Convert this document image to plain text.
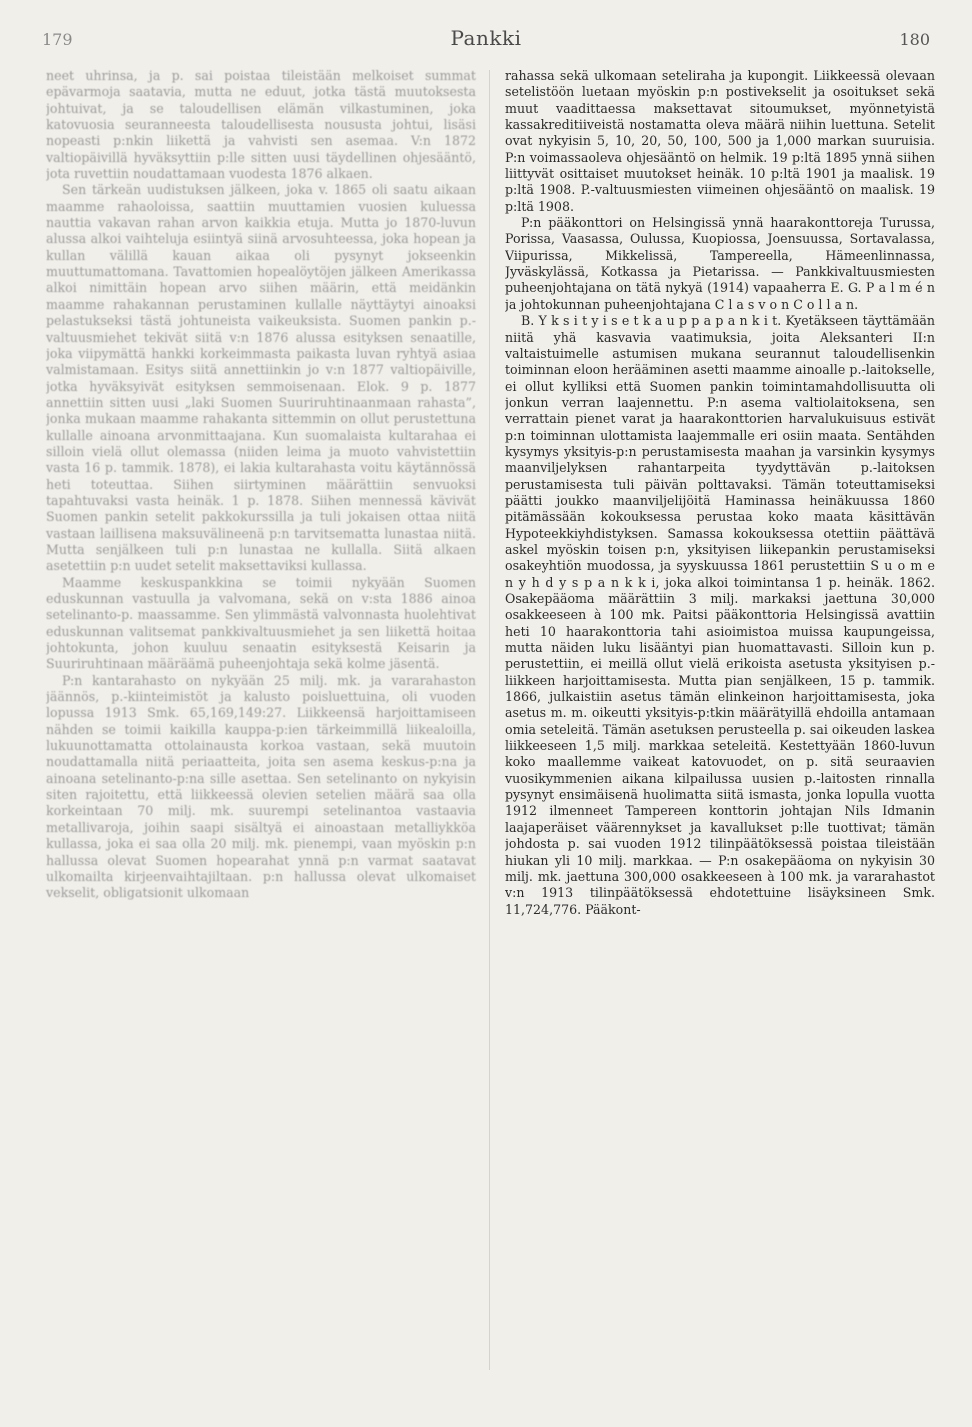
179	Pankki	180

neet uhrinsa, ja p. sai poistaa tileistään melkoiset summat epävarmoja saatavia, mutta ne eduut, jotka tästä muutoksesta johtuivat, ja se taloudellisen elämän vilkastuminen, joka katovuosia seuranneesta taloudellisesta noususta johtui, lisäsi nopeasti p:nkin liikettä ja vahvisti sen asemaa. V:n 1872 valtiopäivillä hyväksyttiin p:lle sitten uusi täydellinen ohjesääntö, jota ruvettiin noudattamaan vuodesta 1876 alkaen.

Sen tärkeän uudistuksen jälkeen, joka v. 1865 oli saatu aikaan maamme rahaoloissa, saattiin muuttamien vuosien kuluessa nauttia vakavan rahan arvon kaikkia etuja. Mutta jo 1870-luvun alussa alkoi vaihteluja esiintyä siinä arvosuhteessa, joka hopean ja kullan välillä kauan aikaa oli pysynyt jokseenkin muuttumattomana. Tavattomien hopealöytöjen jälkeen Amerikassa alkoi nimittäin hopean arvo siihen määrin, että meidänkin maamme rahakannan perustaminen kullalle näyttäytyi ainoaksi pelastukseksi tästä johtuneista vaikeuksista. Suomen pankin p.-valtuusmiehet tekivät siitä v:n 1876 alussa esityksen senaatille, joka viipymättä hankki korkeimmasta paikasta luvan ryhtyä asiaa valmistamaan. Esitys siitä annettiinkin jo v:n 1877 valtiopäiville, jotka hyväksyivät esityksen semmoisenaan. Elok. 9 p. 1877 annettiin sitten uusi „laki Suomen Suuriruhtinaanmaan rahasta”, jonka mukaan maamme rahakanta sittemmin on ollut perustettuna kullalle ainoana arvonmittaajana. Kun suomalaista kultarahaa ei silloin vielä ollut olemassa (niiden leima ja muoto vahvistettiin vasta 16 p. tammik. 1878), ei lakia kultarahasta voitu käytännössä heti toteuttaa. Siihen siirtyminen määrättiin senvuoksi tapahtuvaksi vasta heinäk. 1 p. 1878. Siihen mennessä kävivät Suomen pankin setelit pakkokurssilla ja tuli jokaisen ottaa niitä vastaan laillisena maksuvälineenä p:n tarvitsematta lunastaa niitä. Mutta senjälkeen tuli p:n lunastaa ne kullalla. Siitä alkaen asetettiin p:n uudet setelit maksettaviksi kullassa.

Maamme keskuspankkina se toimii nykyään Suomen eduskunnan vastuulla ja valvomana, sekä on v:sta 1886 ainoa setelinanto-p. maassamme. Sen ylimmästä valvonnasta huolehtivat eduskunnan valitsemat pankkivaltuusmiehet ja sen liikettä hoitaa johtokunta, johon kuuluu senaatin esityksestä Keisarin ja Suuriruhtinaan määräämä puheenjohtaja sekä kolme jäsentä.

P:n kantarahasto on nykyään 25 milj. mk. ja vararahaston jäännös, p.-kiinteimistöt ja kalusto poisluettuina, oli vuoden lopussa 1913 Smk. 65,169,149:27. Liikkeensä harjoittamiseen nähden se toimii kaikilla kauppa-p:ien tärkeimmillä liikealoilla, lukuunottamatta ottolainausta korkoa vastaan, sekä muutoin noudattamalla niitä periaatteita, joita sen asema keskus-p:na ja ainoana setelinanto-p:na sille asettaa. Sen setelinanto on nykyisin siten rajoitettu, että liikkeessä olevien setelien määrä saa olla korkeintaan 70 milj. mk. suurempi setelinantoa vastaavia metallivaroja, joihin saapi sisältyä ei ainoastaan metalliykköa kullassa, joka ei saa olla 20 milj. mk. pienempi, vaan myöskin p:n hallussa olevat Suomen hopearahat ynnä p:n varmat saatavat ulkomailta kirjeenvaihtajiltaan. p:n hallussa olevat ulkomaiset vekselit, obligatsionit ulkomaan

rahassa sekä ulkomaan seteliraha ja kupongit. Liikkeessä olevaan setelistöön luetaan myöskin p:n postivekselit ja osoitukset sekä muut vaadittaessa maksettavat sitoumukset, myönnetyistä kassakreditiiveistä nostamatta oleva määrä niihin luettuna. Setelit ovat nykyisin 5, 10, 20, 50, 100, 500 ja 1,000 markan suuruisia. P:n voimassaoleva ohjesääntö on helmik. 19 p:ltä 1895 ynnä siihen liittyvät osittaiset muutokset heinäk. 10 p:ltä 1901 ja maalisk. 19 p:ltä 1908. P.-valtuusmiesten viimeinen ohjesääntö on maalisk. 19 p:ltä 1908.

P:n pääkonttori on Helsingissä ynnä haarakonttoreja Turussa, Porissa, Vaasassa, Oulussa, Kuopiossa, Joensuussa, Sortavalassa, Viipurissa, Mikkelissä, Tampereella, Hämeenlinnassa, Jyväskylässä, Kotkassa ja Pietarissa. — Pankkivaltuusmiesten puheenjohtajana on tätä nykyä (1914) vapaaherra E. G. P a l m é n ja johtokunnan puheenjohtajana C l a s v o n C o l l a n.

B. Y k s i t y i s e t k a u p p a p a n k i t. Kyetäkseen täyttämään niitä yhä kasvavia vaatimuksia, joita Aleksanteri II:n valtaistuimelle astumisen mukana seurannut taloudellisenkin toiminnan eloon herääminen asetti maamme ainoalle p.-laitokselle, ei ollut kylliksi että Suomen pankin toimintamahdollisuutta oli jonkun verran laajennettu. P:n asema valtiolaitoksena, sen verrattain pienet varat ja haarakonttorien harvalukuisuus estivät p:n toiminnan ulottamista laajemmalle eri osiin maata. Sentähden kysymys yksityis-p:n perustamisesta maahan ja varsinkin kysymys maanviljelyksen rahantarpeita tyydyttävän p.-laitoksen perustamisesta tuli päivän polttavaksi. Tämän toteuttamiseksi päätti joukko maanviljelijöitä Haminassa heinäkuussa 1860 pitämässään kokouksessa perustaa koko maata käsittävän Hypoteekkiyhdistyksen. Samassa kokouksessa otettiin päättävä askel myöskin toisen p:n, yksityisen liikepankin perustamiseksi osakeyhtiön muodossa, ja syyskuussa 1861 perustettiin S u o m e n y h d y s p a n k k i, joka alkoi toimintansa 1 p. heinäk. 1862. Osakepääoma määrättiin 3 milj. markaksi jaettuna 30,000 osakkeeseen à 100 mk. Paitsi pääkonttoria Helsingissä avattiin heti 10 haarakonttoria tahi asioimistoa muissa kaupungeissa, mutta näiden luku lisääntyi pian huomattavasti. Silloin kun p. perustettiin, ei meillä ollut vielä erikoista asetusta yksityisen p.-liikkeen harjoittamisesta. Mutta pian senjälkeen, 15 p. tammik. 1866, julkaistiin asetus tämän elinkeinon harjoittamisesta, joka asetus m. m. oikeutti yksityis-p:tkin määrätyillä ehdoilla antamaan omia seteleitä. Tämän asetuksen perusteella p. sai oikeuden laskea liikkeeseen 1,5 milj. markkaa seteleitä. Kestettyään 1860-luvun koko maallemme vaikeat katovuodet, on p. sitä seuraavien vuosikymmenien aikana kilpailussa uusien p.-laitosten rinnalla pysynyt ensimäisenä huolimatta siitä ismasta, jonka lopulla vuotta 1912 ilmenneet Tampereen konttorin johtajan Nils Idmanin laajaperäiset väärennykset ja kavallukset p:lle tuottivat; tämän johdosta p. sai vuoden 1912 tilinpäätöksessä poistaa tileistään hiukan yli 10 milj. markkaa. — P:n osakepääoma on nykyisin 30 milj. mk. jaettuna 300,000 osakkeeseen à 100 mk. ja vararahastot v:n 1913 tilinpäätöksessä ehdotettuine lisäyksineen Smk. 11,724,776. Pääkont-
